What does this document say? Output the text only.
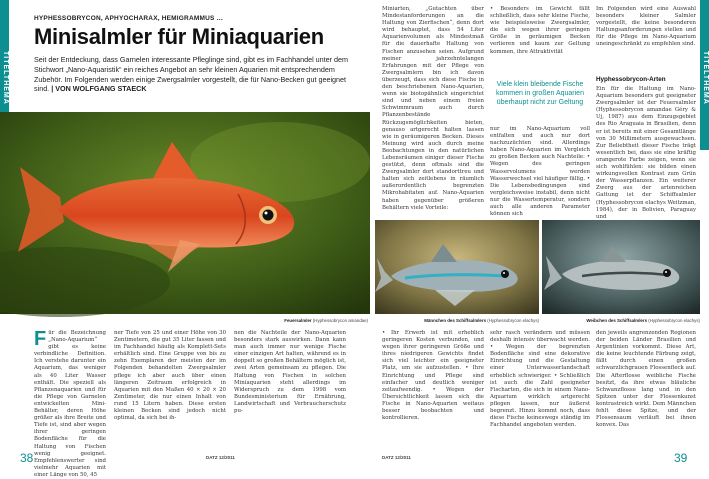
TITELTHEMA	TITELTHEMA
HYPHESSOBRYCON, APHYOCHARAX, HEMIGRAMMUS …
Minisalmler für Miniaquarien
Seit der Entdeckung, dass Garnelen interessante Pfleglinge sind, gibt es im Fachhandel unter dem Stichwort „Nano-Aquaristik“ ein reiches Angebot an sehr kleinen Aquarien mit entsprechendem Zubehör. Im Folgenden werden einige Zwergsalmler vorgestellt, die für Nano-Becken gut geeignet sind. | VON WOLFGANG STAECK
Feuersalmler (Hyphessobrycon amandae)
Miniarten, „Gutachten über Mindestanforderungen an die Haltung von Zierfischen“, denn dort wird behauptet, dass 54 Liter Aquarienvolumen als Mindestmaß für die dauerhafte Haltung von Fischen anzusehen seien. Aufgrund meiner jahrzehntelangen Erfahrungen mit der Pflege von Zwergsalmlern bin ich davon überzeugt, dass sich diese Fische in den beschriebenen Nano-Aquarien, wenn sie biotopähnlich eingerichtet sind und neben einem freien Schwimmraum auch durch Pflanzenbestände Rückzugsmöglichkeiten bieten, genauso artgerecht halten lassen wie in geräumigeren Becken. Dieses Meinung wird auch durch meine Beobachtungen in den natürlichen Lebensräumen einiger dieser Fische gestützt, denn oftmals sind die Zwergsalmler dort standorttreu und halten sich zeitlebens in räumlich außerordentlich begrenzten Mikrohabitaten auf. Nano-Aquarien haben gegenüber größeren Behältern viele Vorteile:
• Besonders im Gewicht fällt schließlich, dass sehr kleine Fische, wie beispielsweise Zwergsalmler, die sich wegen ihrer geringen Größe in geräumigen Becken verlieren und kaum zur Geltung kommen, ihre Attraktivität
Viele klein bleibende Fische kommen in großen Aquarien überhaupt nicht zur Geltung
nur im Nano-Aquarium voll entfalten und auch nur dort nachzuzüchten sind. Allerdings haben Nano-Aquarien im Vergleich zu großen Becken auch Nachteile: • Wegen des geringen Wasservolumens werden Wasserwechsel viel häufiger fällig. • Die Lebensbedingungen sind vergleichsweise instabil, denn nicht nur die Wassertemperatur, sondern auch alle anderen Parameter können sich
Im Folgenden wird eine Auswahl besonders kleiner Salmler vorgestellt, die keine besonderen Haltungsanforderungen stellen und für die Pflege im Nano-Aquarium uneingeschränkt zu empfehlen sind.
Hyphessobrycon-Arten
Ein für die Haltung im Nano-Aquarium besonders gut geeigneter Zwergsalmler ist der Feuersalmler (Hyphessobrycon amandae Géry & Uj, 1987) aus dem Einzugsgebiet des Rio Araguaia in Brasilien, denn er ist bereits mit einer Gesamtlänge von 30 Millimetern ausgewachsen. Zur Beliebtheit dieser Fische trägt wesentlich bei, dass sie eine kräftig orangerote Farbe zeigen, wenn sie sich wohlfühlen: sie bilden einen wirkungsvollen Kontrast zum Grün der Wasserpflanzen. Ein weiterer Zwerg aus der artenreichen Gattung ist der Schiffsalmler (Hyphessobrycon elachys Weitzman, 1984), der in Bolivien, Paraguay und
Männchen des Schiffsalmlers (Hyphessobrycon elachys)	Weibchen des Schiffsalmlers (Hyphessobrycon elachys)
Für die Bezeichnung „Nano-Aquarium“ gibt es keine verbindliche Definition. Ich verstehe darunter ein Aquarium, das weniger als 40 Liter Wasser enthält. Die speziell als Pflanzenaquarien und für die Pflege von Garnelen entwickelten Mini-Behälter, deren Höhe größer als ihre Breite und Tiefe ist, sind aber wegen ihrer geringen Bodenfläche für die Haltung von Fischen wenig geeignet. Empfehlenswerter sind vielmehr Aquarien mit einer Länge von 50, 45
ner Tiefe von 25 und einer Höhe von 30 Zentimetern, die gut 35 Liter fassen und im Fachhandel häufig als Komplett-Sets erhältlich sind. Eine Gruppe von bis zu zehn Exemplaren der meisten der im Folgenden behandelten Zwergsalmler pflege ich aber auch über einen längeren Zeitraum erfolgreich in Aquarien mit den Maßen 40 × 20 × 20 Zentimeter, die nur einen Inhalt von rund 15 Litern haben. Diese ersten kleinen Becken sind jedoch nicht optimal, da sich bei ih-
nen die Nachteile der Nano-Aquarien besonders stark auswirken. Dann kann man auch immer nur wenige Fische einer einzigen Art halten, während es in doppelt so großen Behältern möglich ist, zwei Arten gemeinsam zu pflegen. Die Haltung von Fischen in solchen Miniaquarien steht allerdings im Widerspruch zu dem 1998 vom Bundesministerium für Ernährung, Landwirtschaft und Verbraucherschutz pu-
• Ihr Erwerb ist mit erheblich geringeren Kosten verbunden, und wegen ihrer geringeren Größe und ihres niedrigeren Gewichts findet sich viel leichter ein geeigneter Platz, um sie aufzustellen. • Ihre Einrichtung und Pflege sind einfacher und deutlich weniger zeitaufwendig. • Wegen der Übersichtlichkeit lassen sich die Fische in Nano-Aquarien weitaus besser beobachten und kontrollieren.
sehr rasch verändern und müssen deshalb intensiv überwacht werden. • Wegen der begrenzten Bodenfläche sind eine dekorative Einrichtung und die Gestaltung einer Unterwasserlandschaft erheblich schwieriger. • Schließlich ist auch die Zahl geeigneter Fischarten, die sich in einem Nano-Aquarium wirklich artgerecht pflegen lassen, nur äußerst begrenzt. Hinzu kommt noch, dass diese Fische keineswegs ständig im Fachhandel angeboten werden.
den jeweils angrenzenden Regionen der beiden Länder Brasilien und Argentinien vorkommt. Diese Art, die keine leuchtende Färbung zeigt, fällt durch einen großen schwarzlichgrauen Flossenfleck auf. Die Afterflosse weibliche Fische besitzt, da ihre etwas bläuliche Schwanzflosse lang und in den Spitzen unter der Flossenkunst kontrastreich wirkt. Dem Männchen fehlt diese Spitze, und der Flossensaum verläuft bei ihnen konvex. Das
38	DATZ 12/2011	DATZ 12/2011	39
